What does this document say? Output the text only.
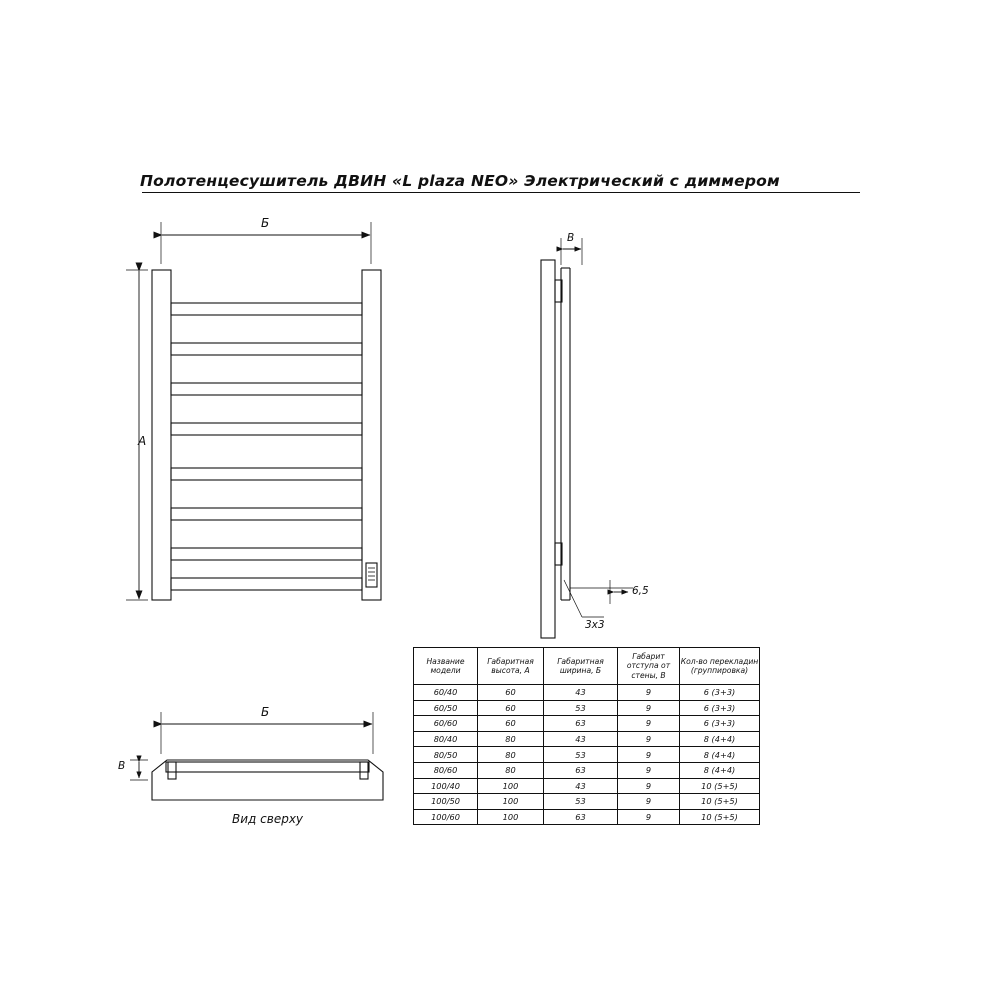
Полотенцесушитель ДВИН «L plaza NEO» Электрический с диммером
Б
А
В
6,5
3х3
Б
В
Вид сверху
Название модели	Габаритная высота, А	Габаритная ширина, Б	Габарит отступа от стены, В	Кол-во перекладин (группировка)
60/40	60	43	9	6 (3+3)
60/50	60	53	9	6 (3+3)
60/60	60	63	9	6 (3+3)
80/40	80	43	9	8 (4+4)
80/50	80	53	9	8 (4+4)
80/60	80	63	9	8 (4+4)
100/40	100	43	9	10 (5+5)
100/50	100	53	9	10 (5+5)
100/60	100	63	9	10 (5+5)
